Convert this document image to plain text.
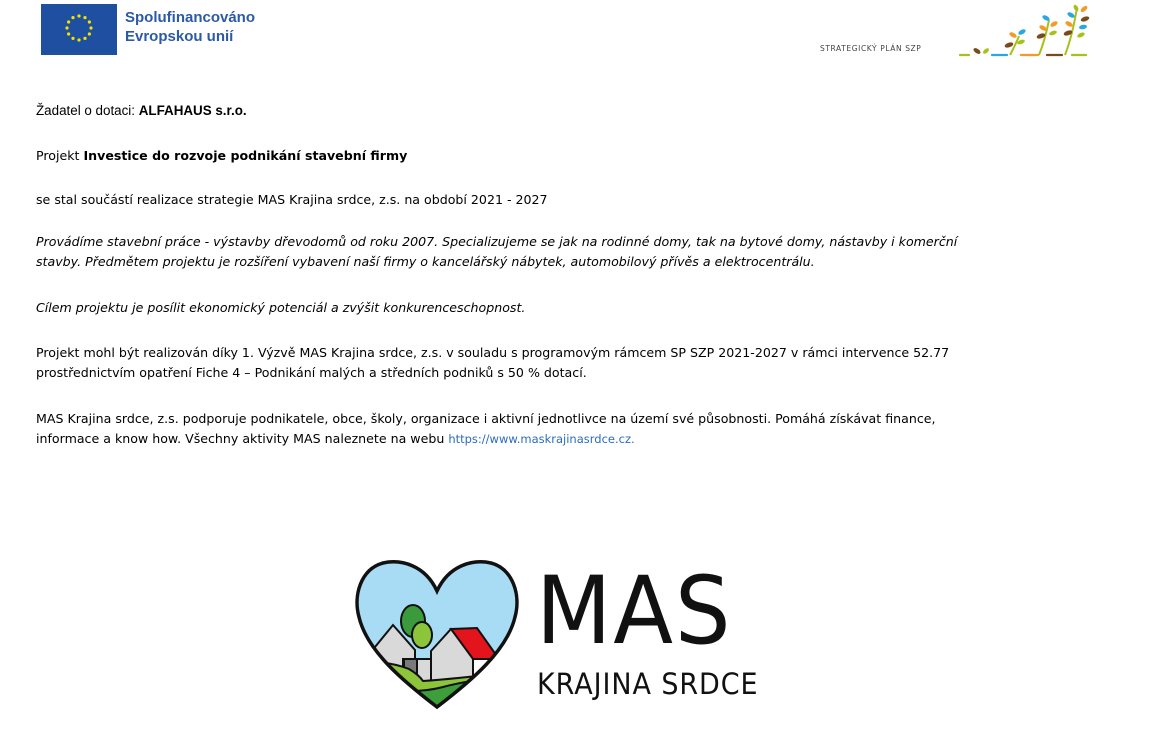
Spolufinancováno
Evropskou unií
STRATEGICKÝ PLÁN SZP
Žadatel o dotaci: ALFAHAUS s.r.o.
Projekt Investice do rozvoje podnikání stavební firmy
se stal součástí realizace strategie MAS Krajina srdce, z.s. na období 2021 - 2027
Provádíme stavební práce - výstavby dřevodomů od roku 2007. Specializujeme se jak na rodinné domy, tak na bytové domy, nástavby i komerční
stavby. Předmětem projektu je rozšíření vybavení naší firmy o kancelářský nábytek, automobilový přívěs a elektrocentrálu.
Cílem projektu je posílit ekonomický potenciál a zvýšit konkurenceschopnost.
Projekt mohl být realizován díky 1. Výzvě MAS Krajina srdce, z.s. v souladu s programovým rámcem SP SZP 2021-2027 v rámci intervence 52.77
prostřednictvím opatření Fiche 4 – Podnikání malých a středních podniků s 50 % dotací.
MAS Krajina srdce, z.s. podporuje podnikatele, obce, školy, organizace i aktivní jednotlivce na území své působnosti. Pomáhá získávat finance,
informace a know how. Všechny aktivity MAS naleznete na webu https://www.maskrajinasrdce.cz.
MAS
KRAJINA SRDCE
